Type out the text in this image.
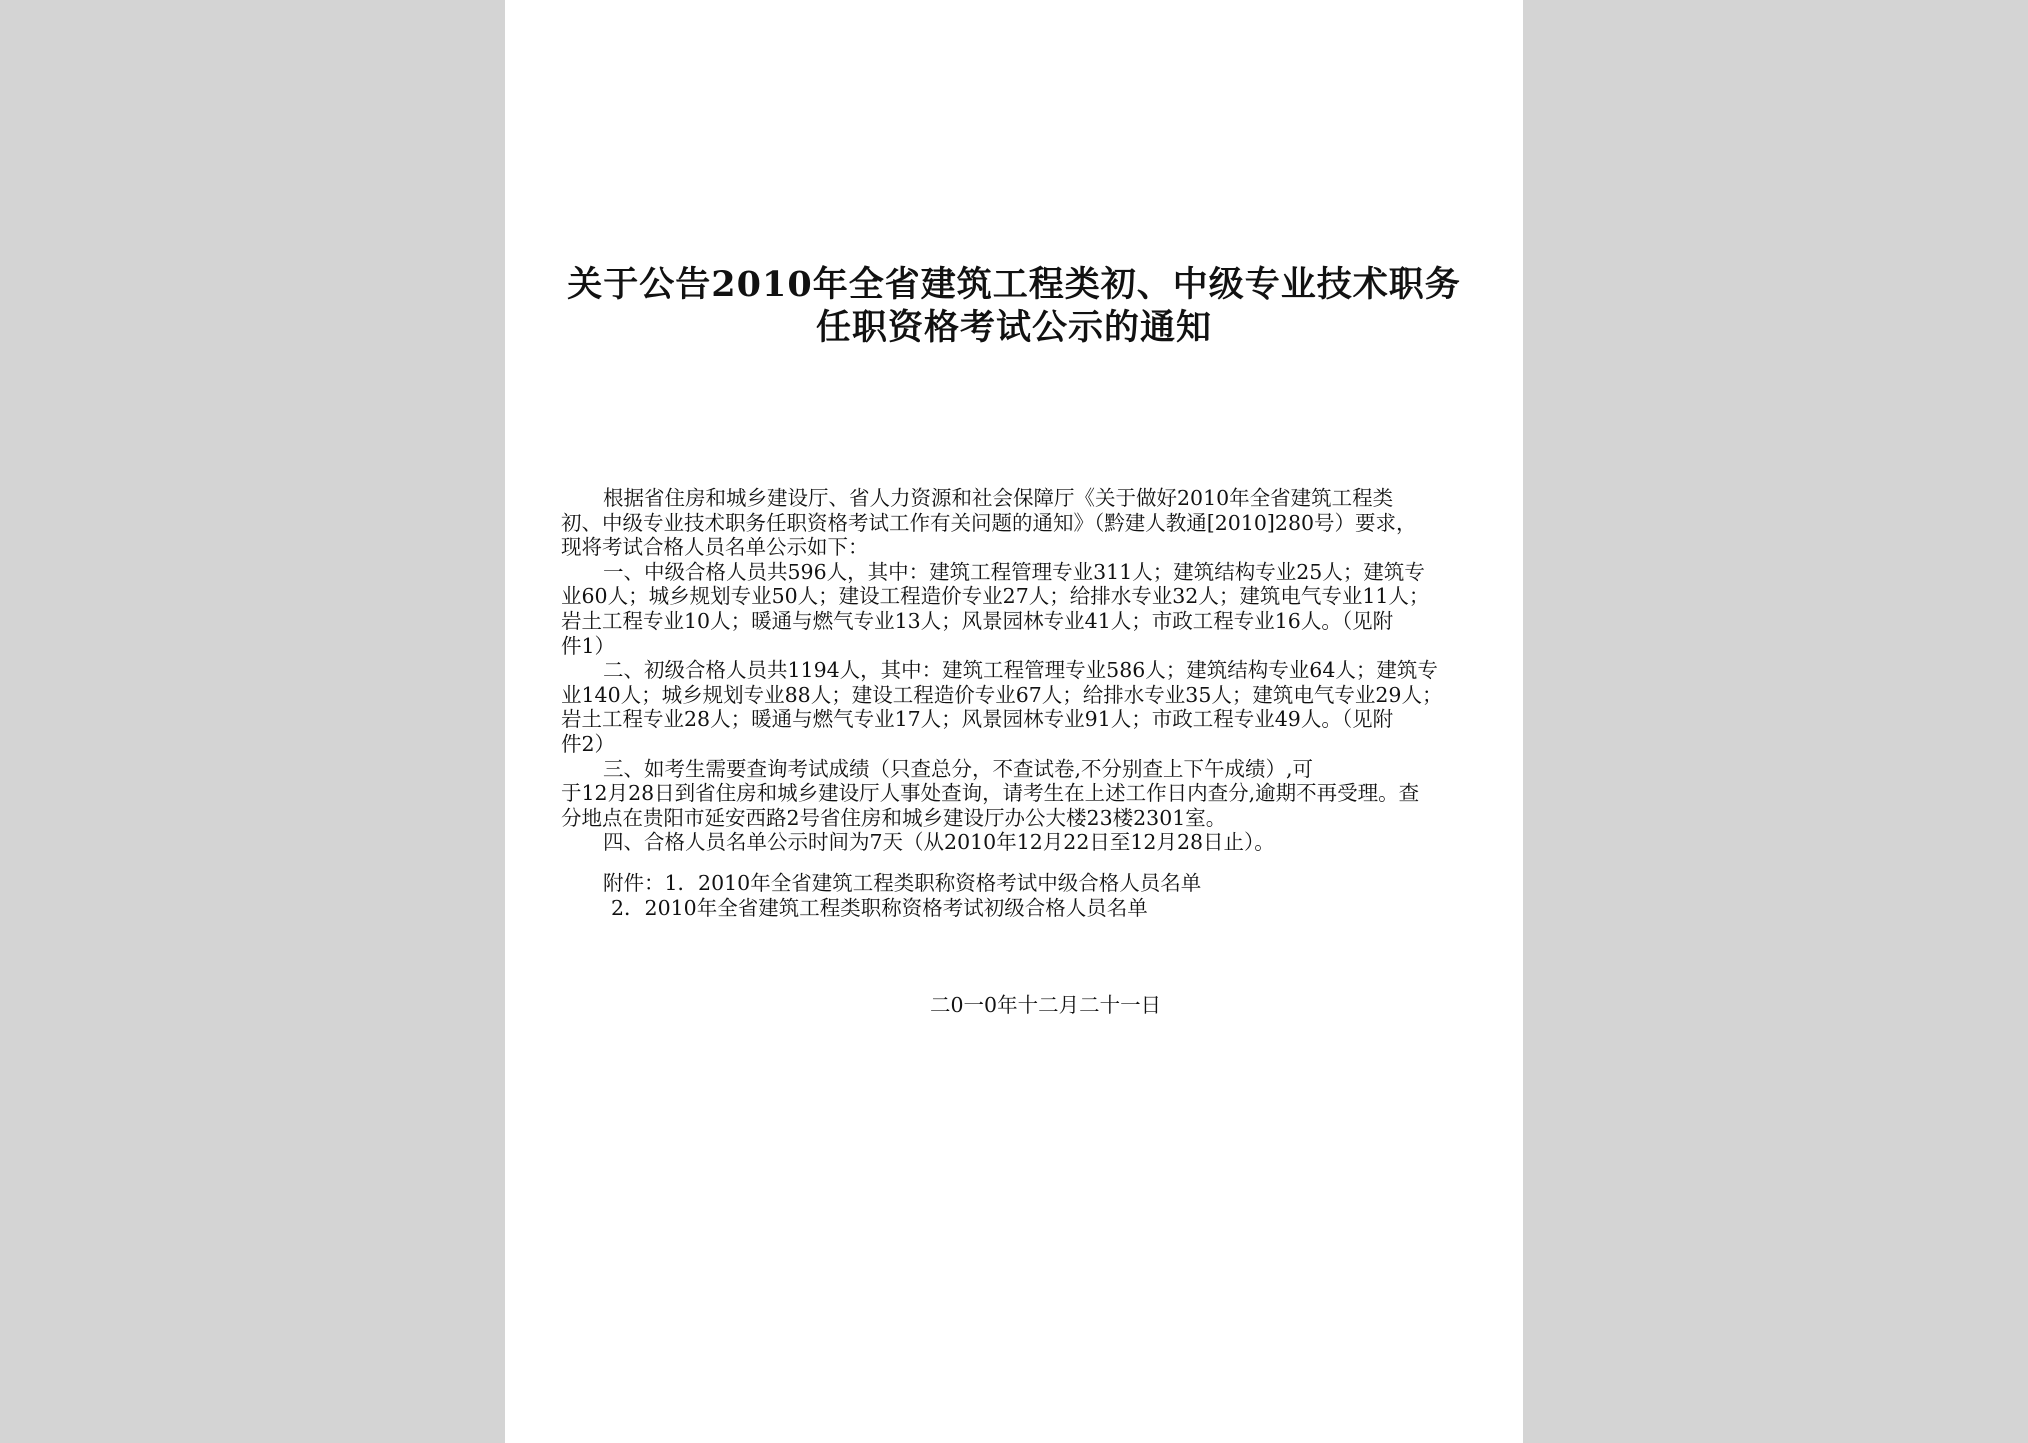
关于公告2010年全省建筑工程类初、中级专业技术职务
任职资格考试公示的通知
根据省住房和城乡建设厅、省人力资源和社会保障厅《关于做好2010年全省建筑工程类
初、中级专业技术职务任职资格考试工作有关问题的通知》（黔建人教通[2010]280号）要求，
现将考试合格人员名单公示如下：
一、中级合格人员共596人，其中：建筑工程管理专业311人；建筑结构专业25人；建筑专
业60人；城乡规划专业50人；建设工程造价专业27人；给排水专业32人；建筑电气专业11人；
岩土工程专业10人；暖通与燃气专业13人；风景园林专业41人；市政工程专业16人。（见附
件1）
二、初级合格人员共1194人，其中：建筑工程管理专业586人；建筑结构专业64人；建筑专
业140人；城乡规划专业88人；建设工程造价专业67人；给排水专业35人；建筑电气专业29人；
岩土工程专业28人；暖通与燃气专业17人；风景园林专业91人；市政工程专业49人。（见附
件2）
三、如考生需要查询考试成绩（只查总分，不查试卷,不分别查上下午成绩）,可
于12月28日到省住房和城乡建设厅人事处查询，请考生在上述工作日内查分,逾期不再受理。查
分地点在贵阳市延安西路2号省住房和城乡建设厅办公大楼23楼2301室。
四、合格人员名单公示时间为7天（从2010年12月22日至12月28日止）。
附件：1．2010年全省建筑工程类职称资格考试中级合格人员名单
2．2010年全省建筑工程类职称资格考试初级合格人员名单
二0一0年十二月二十一日
